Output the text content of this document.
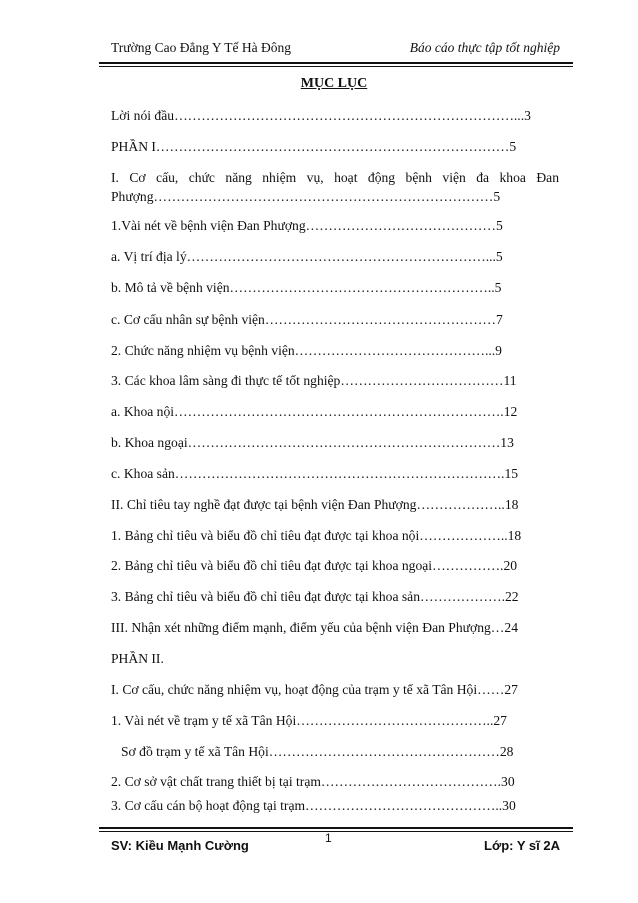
Trường Cao Đẳng Y Tế Hà Đông	Báo cáo thực tập tốt nghiệp
MỤC LỤC
Lời nói đầu…………………………………………………………………...3
PHẦN I……………………………………………………………………5
I. Cơ cấu, chức năng nhiệm vụ, hoạt động bệnh viện đa khoa Đan Phượng…………………………………………………………………5
1.Vài nét về bệnh viện Đan Phượng……………………………………5
a. Vị trí địa lý…………………………………………………………...5
b. Mô tả về bệnh viện…………………………………………………..5
c. Cơ cấu nhân sự bệnh viện……………………………………………7
2. Chức năng nhiệm vụ bệnh viện……………………………………...9
3. Các khoa lâm sàng đi thực tế tốt nghiệp………………………………11
a. Khoa nội……………………………………………………………….12
b. Khoa ngoại……………………………………………………………13
c. Khoa sản……………………………………………………………….15
II. Chỉ tiêu tay nghề đạt được tại bệnh viện Đan Phượng………………..18
1. Bảng chỉ tiêu và biểu đồ chỉ tiêu đạt được tại khoa nội………………..18
2. Bảng chỉ tiêu và biểu đồ chỉ tiêu đạt được tại khoa ngoại…………….20
3. Bảng chỉ tiêu và biểu đồ chỉ tiêu đạt được tại khoa sản……………….22
III. Nhận xét những điểm mạnh, điểm yếu của bệnh viện Đan Phượng…24
PHẦN II.
I. Cơ cấu, chức năng nhiệm vụ, hoạt động của trạm y tế xã Tân Hội……27
1. Vài nét về trạm y tế xã Tân Hội……………………………………..27
Sơ đồ trạm y tế xã Tân Hội……………………………………………28
2. Cơ sở vật chất trang thiết bị tại trạm………………………………….30
3. Cơ cấu cán bộ hoạt động tại trạm……………………………………..30
SV: Kiều Mạnh Cường	1	Lớp: Y sĩ 2A
